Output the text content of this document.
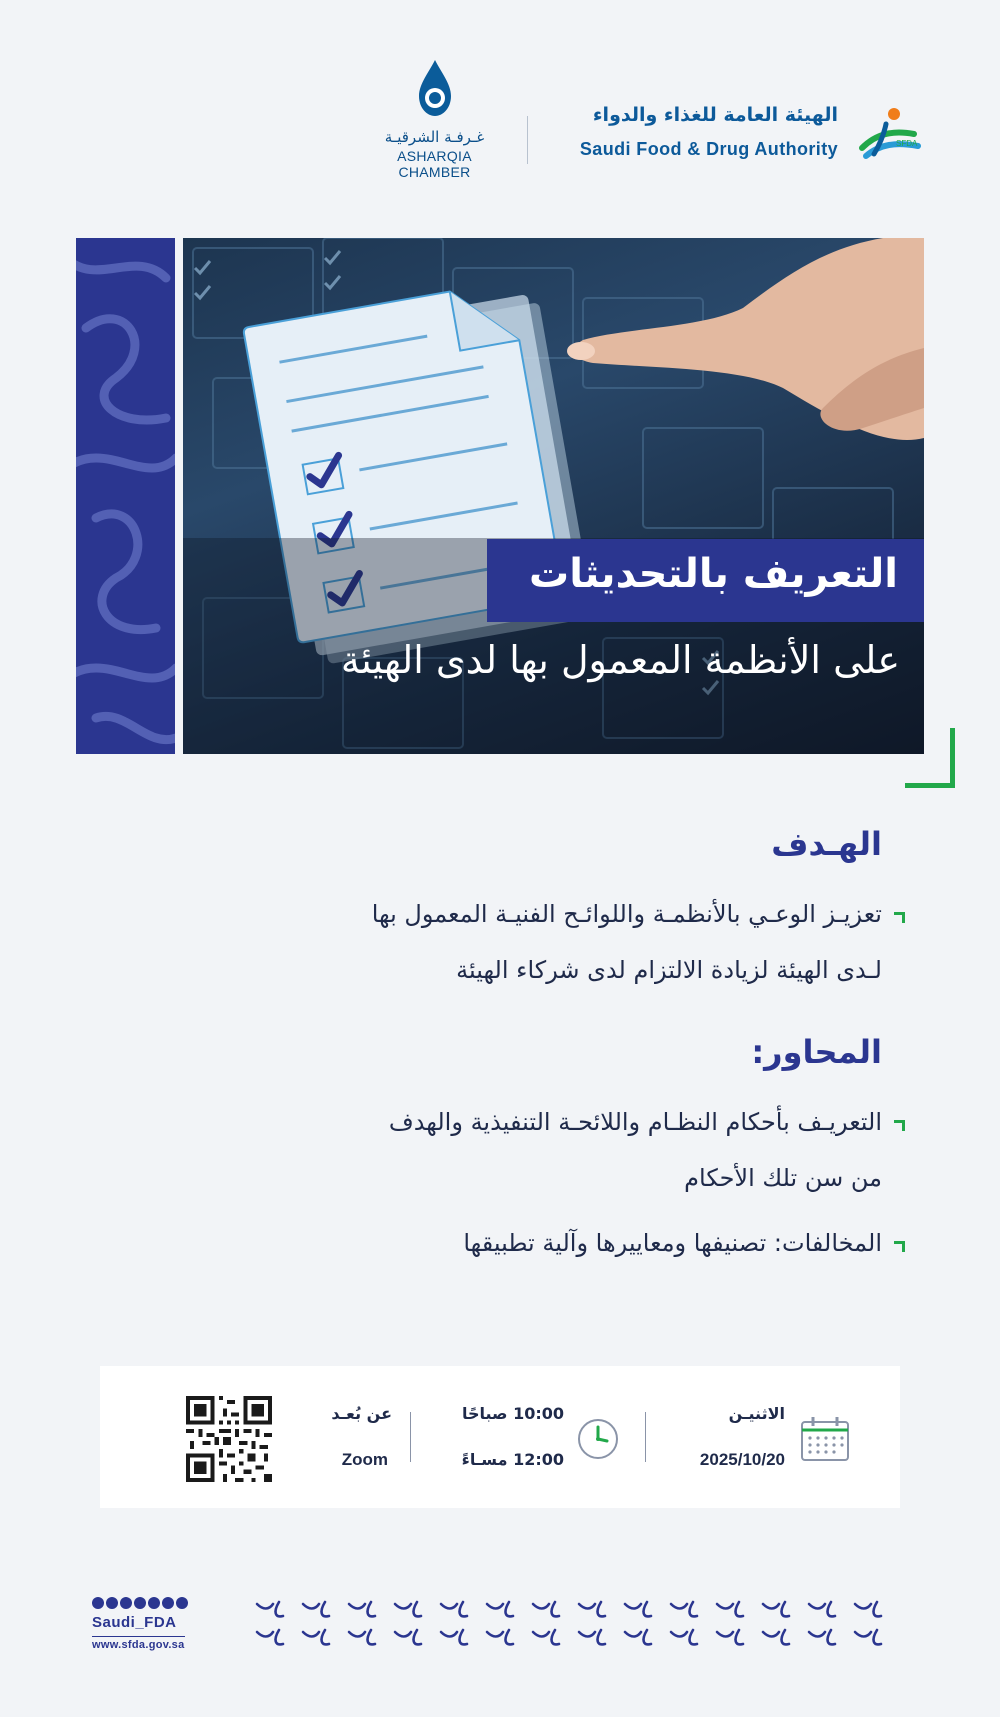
غـرفـة الشرقيـة
ASHARQIA CHAMBER
الهيئة العامة للغذاء والدواء
Saudi Food & Drug Authority	SFDA
التعريف بالتحديثات
على الأنظمة المعمول بها لدى الهيئة
الهـدف
تعزيـز الوعـي بالأنظمـة واللوائـح الفنيـة المعمول بها
لـدى الهيئة لزيادة الالتزام لدى شركاء الهيئة
المحاور:
التعريـف بأحكام النظـام واللائحـة التنفيذية والهدف
من سن تلك الأحكام
المخالفات: تصنيفها ومعاييرها وآلية تطبيقها
الاثنيـن
2025/10/20
10:00 صباحًا
12:00 مسـاءً
عن بُعـد
Zoom
Saudi_FDA
www.sfda.gov.sa
